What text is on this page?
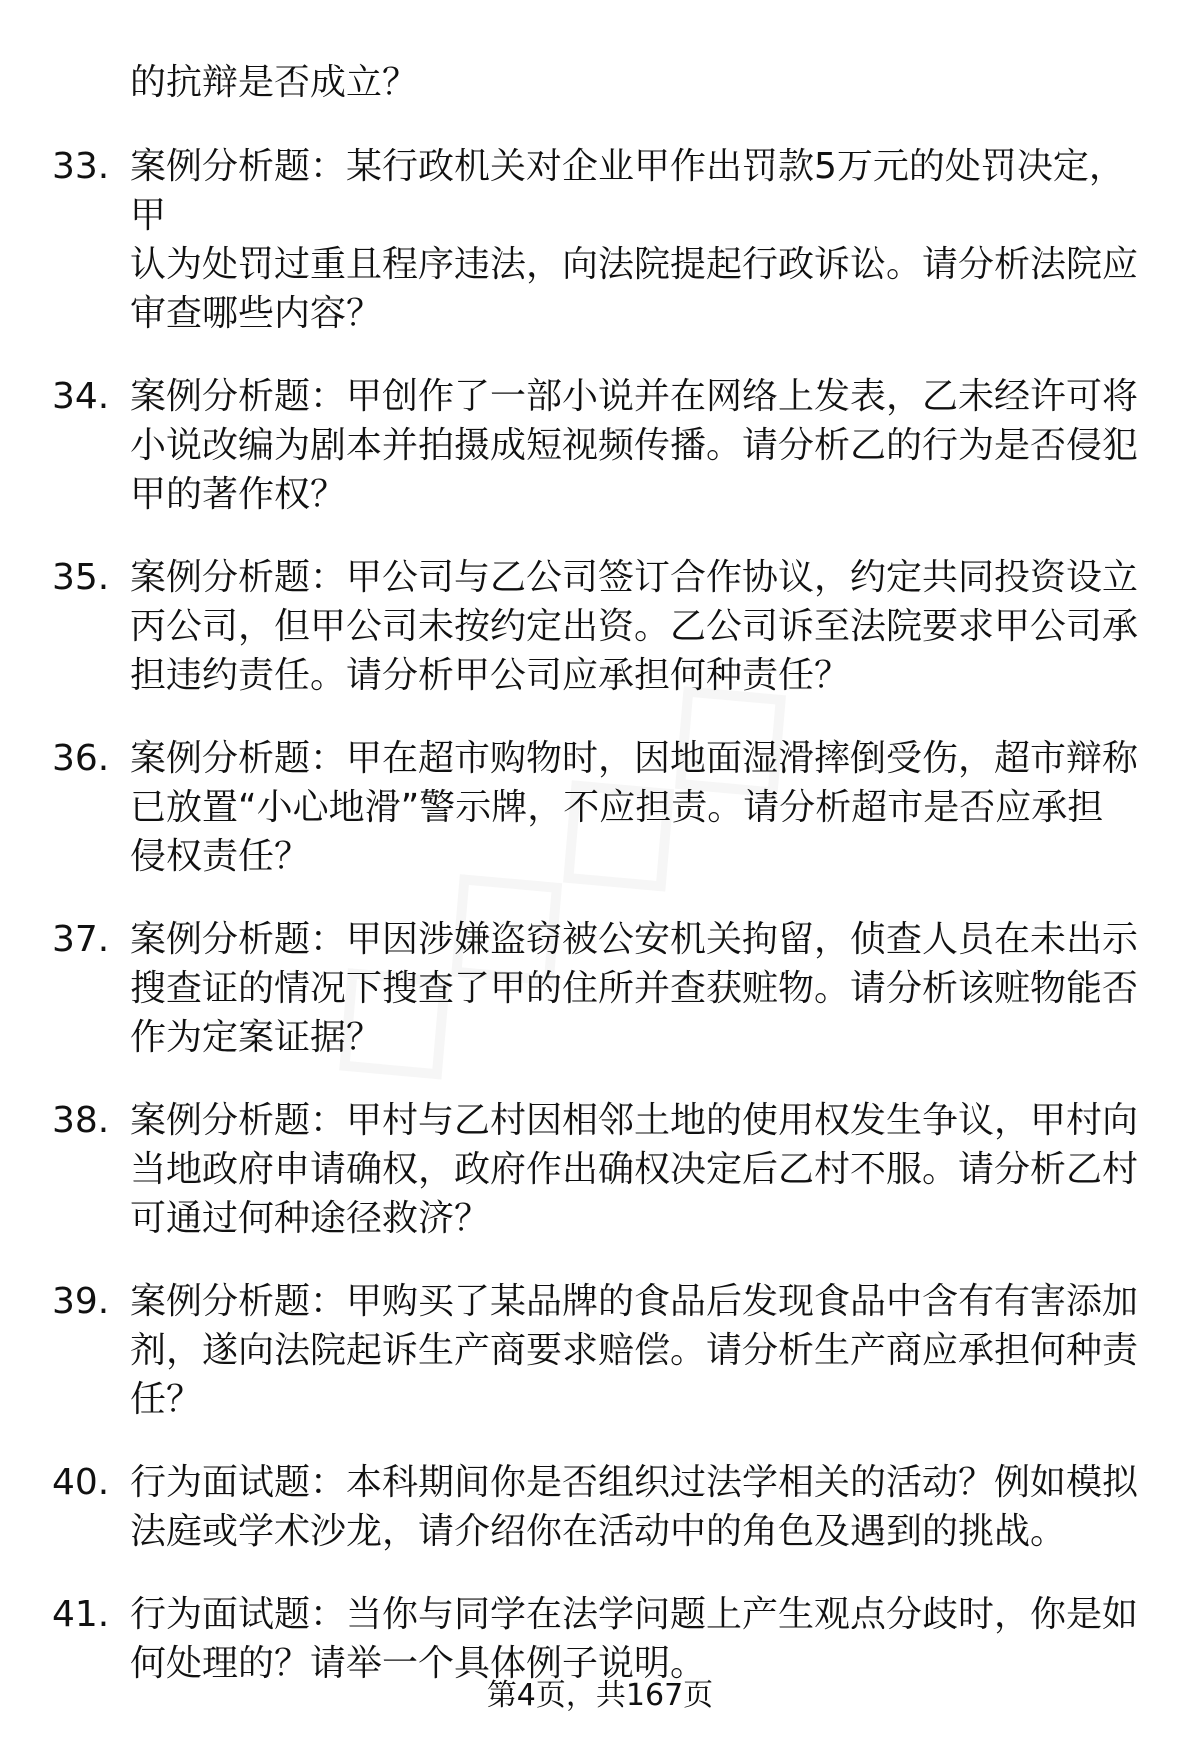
的抗辩是否成立？

33. 案例分析题：某行政机关对企业甲作出罚款5万元的处罚决定，甲
认为处罚过重且程序违法，向法院提起行政诉讼。请分析法院应
审查哪些内容？
34. 案例分析题：甲创作了一部小说并在网络上发表，乙未经许可将
小说改编为剧本并拍摄成短视频传播。请分析乙的行为是否侵犯
甲的著作权？
35. 案例分析题：甲公司与乙公司签订合作协议，约定共同投资设立
丙公司，但甲公司未按约定出资。乙公司诉至法院要求甲公司承
担违约责任。请分析甲公司应承担何种责任？
36. 案例分析题：甲在超市购物时，因地面湿滑摔倒受伤，超市辩称
已放置“小心地滑”警示牌，不应担责。请分析超市是否应承担
侵权责任？
37. 案例分析题：甲因涉嫌盗窃被公安机关拘留，侦查人员在未出示
搜查证的情况下搜查了甲的住所并查获赃物。请分析该赃物能否
作为定案证据？
38. 案例分析题：甲村与乙村因相邻土地的使用权发生争议，甲村向
当地政府申请确权，政府作出确权决定后乙村不服。请分析乙村
可通过何种途径救济？
39. 案例分析题：甲购买了某品牌的食品后发现食品中含有有害添加
剂，遂向法院起诉生产商要求赔偿。请分析生产商应承担何种责
任？
40. 行为面试题：本科期间你是否组织过法学相关的活动？例如模拟
法庭或学术沙龙，请介绍你在活动中的角色及遇到的挑战。
41. 行为面试题：当你与同学在法学问题上产生观点分歧时，你是如
何处理的？请举一个具体例子说明。
第4页，共167页
